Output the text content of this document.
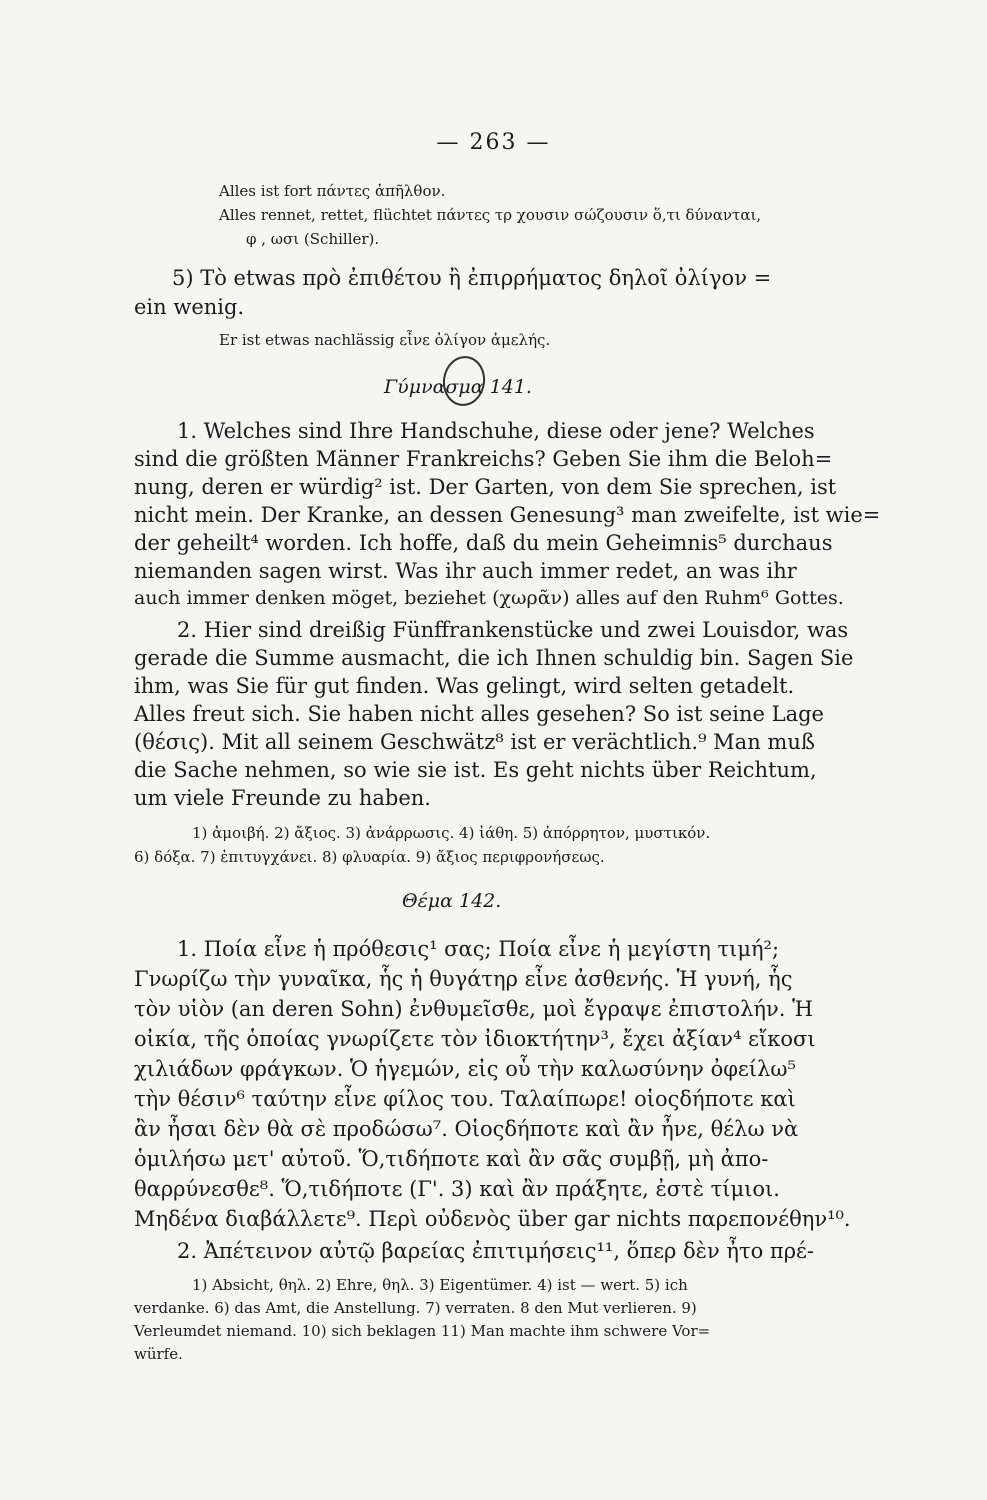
— 263 —
Alles ist fort πάντες ἀπῆλθον.
Alles rennet, rettet, flüchtet πάντες τρ χουσιν σώζουσιν ὅ,τι δύνανται,
φ , ωσι (Schiller).
5) Τὸ etwas πρὸ ἐπιθέτου ἢ ἐπιρρήματος δηλοῖ ὀλίγον =
ein wenig.
Er ist etwas nachlässig εἶνε ὀλίγον ἀμελής.
Γύμνασμα 141.
1. Welches sind Ihre Handschuhe, diese oder jene? Welches
sind die größten Männer Frankreichs? Geben Sie ihm die Beloh=
nung, deren er würdig² ist. Der Garten, von dem Sie sprechen, ist
nicht mein. Der Kranke, an dessen Genesung³ man zweifelte, ist wie=
der geheilt⁴ worden. Ich hoffe, daß du mein Geheimnis⁵ durchaus
niemanden sagen wirst. Was ihr auch immer redet, an was ihr
auch immer denken möget, beziehet (χωρᾶν) alles auf den Ruhm⁶ Gottes.
2. Hier sind dreißig Fünffrankenstücke und zwei Louisdor, was
gerade die Summe ausmacht, die ich Ihnen schuldig bin. Sagen Sie
ihm, was Sie für gut finden. Was gelingt, wird selten getadelt.
Alles freut sich. Sie haben nicht alles gesehen? So ist seine Lage
(θέσις). Mit all seinem Geschwätz⁸ ist er verächtlich.⁹ Man muß
die Sache nehmen, so wie sie ist. Es geht nichts über Reichtum,
um viele Freunde zu haben.
1) ἀμοιβή. 2) ἄξιος. 3) ἀνάρρωσις. 4) ἰάθη. 5) ἀπόρρητον, μυστικόν.
6) δόξα. 7) ἐπιτυγχάνει. 8) φλυαρία. 9) ἄξιος περιφρονήσεως.
Θέμα 142.
1. Ποία εἶνε ἡ πρόθεσις¹ σας; Ποία εἶνε ἡ μεγίστη τιμή²;
Γνωρίζω τὴν γυναῖκα, ἧς ἡ θυγάτηρ εἶνε ἀσθενής. Ἡ γυνή, ἧς
τὸν υἱὸν (an deren Sohn) ἐνθυμεῖσθε, μοὶ ἔγραψε ἐπιστολήν. Ἡ
οἰκία, τῆς ὁποίας γνωρίζετε τὸν ἰδιοκτήτην³, ἔχει ἀξίαν⁴ εἴκοσι
χιλιάδων φράγκων. Ὁ ἡγεμών, εἰς οὗ τὴν καλωσύνην ὀφείλω⁵
τὴν θέσιν⁶ ταύτην εἶνε φίλος του. Ταλαίπωρε! οἱοςδήποτε καὶ
ἂν ἦσαι δὲν θὰ σὲ προδώσω⁷. Οἱοςδήποτε καὶ ἂν ἦνε, θέλω νὰ
ὁμιλήσω μετ' αὐτοῦ. Ὅ,τιδήποτε καὶ ἂν σᾶς συμβῇ, μὴ ἀπο-
θαρρύνεσθε⁸. Ὅ,τιδήποτε (Γ'. 3) καὶ ἂν πράξητε, ἐστὲ τίμιοι.
Μηδένα διαβάλλετε⁹. Περὶ οὐδενὸς über gar nichts παρεπονέθην¹⁰.
2. Ἀπέτεινον αὐτῷ βαρείας ἐπιτιμήσεις¹¹, ὅπερ δὲν ἦτο πρέ-
1) Absicht, θηλ. 2) Ehre, θηλ. 3) Eigentümer. 4) ist — wert. 5) ich
verdanke. 6) das Amt, die Anstellung. 7) verraten. 8 den Mut verlieren. 9)
Verleumdet niemand. 10) sich beklagen 11) Man machte ihm schwere Vor=
würfe.
